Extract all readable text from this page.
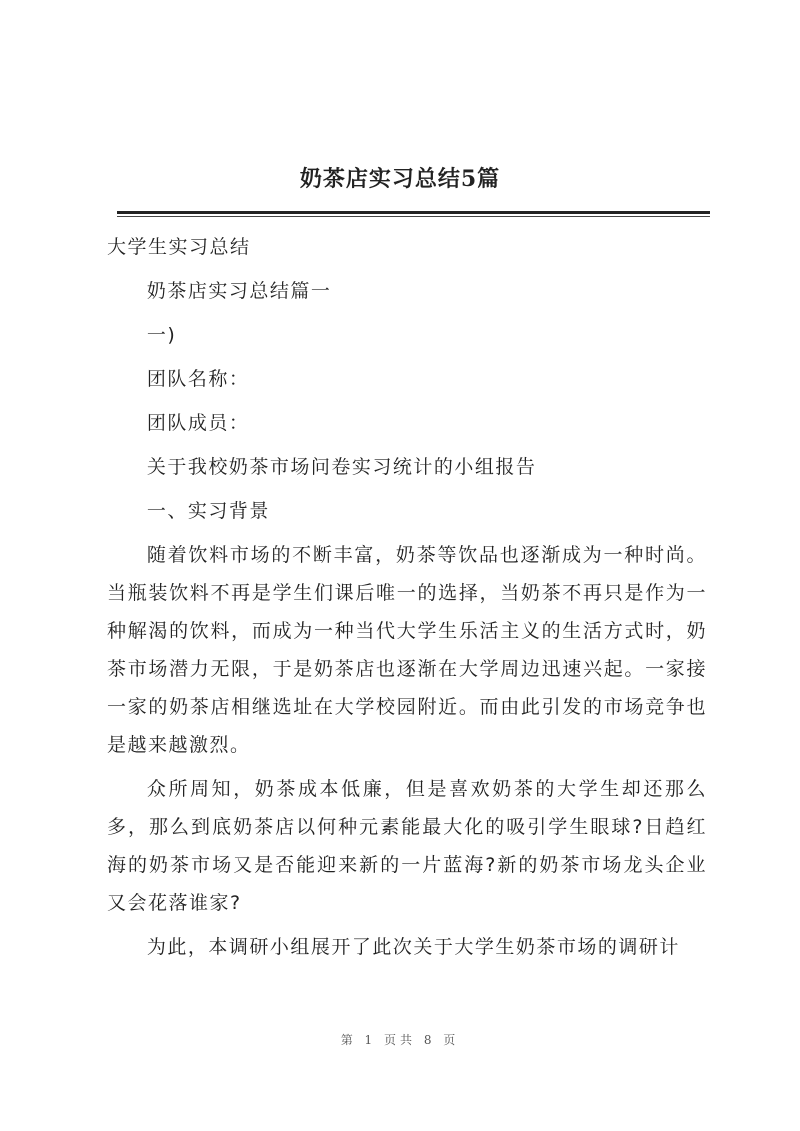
奶茶店实习总结5篇

大学生实习总结

奶茶店实习总结篇一

一)

团队名称：

团队成员：

关于我校奶茶市场问卷实习统计的小组报告

一、实习背景

随着饮料市场的不断丰富，奶茶等饮品也逐渐成为一种时尚。当瓶装饮料不再是学生们课后唯一的选择，当奶茶不再只是作为一种解渴的饮料，而成为一种当代大学生乐活主义的生活方式时，奶茶市场潜力无限，于是奶茶店也逐渐在大学周边迅速兴起。一家接一家的奶茶店相继选址在大学校园附近。而由此引发的市场竞争也是越来越激烈。

众所周知，奶茶成本低廉，但是喜欢奶茶的大学生却还那么多，那么到底奶茶店以何种元素能最大化的吸引学生眼球?日趋红海的奶茶市场又是否能迎来新的一片蓝海?新的奶茶市场龙头企业又会花落谁家?

为此，本调研小组展开了此次关于大学生奶茶市场的调研计

第 1 页共 8 页
